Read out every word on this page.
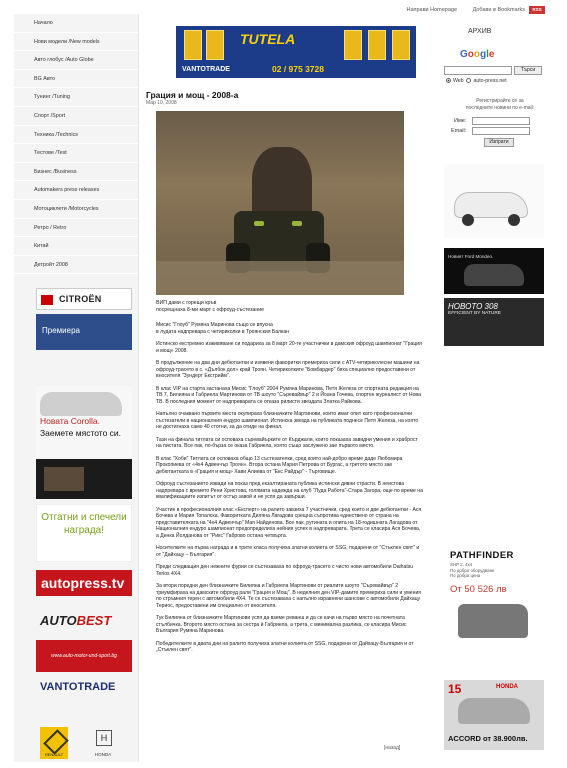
Направи Homepage	Добави в Bookmarks	RSS
Начало
Нови модели /New models
Авто глобус /Auto Globe
BG Авто
Тунинг /Tuning
Спорт /Sport
Техника /Technics
Тестове /Test
Бизнес /Business
Automakers press releases
Мотоциклети /Motorcycles
Ретро / Retro
Китай
Детройт 2008
CITROËN
Премиера
Новата Corolla.
Заемете мястото си.
Отгатни и спечели награда!
autopress.tv
AUTOBEST
www.auto-motor-und-sport.bg
VANTOTRADE
RENAULT
H	HONDA
TUTELA
VANTOTRADE	02 / 975 3728
Грация и мощ - 2008-а
Мар 10, 2008
ВИП дами с горещи кръв
посрещнаха 8-ми март с офроуд-състезание

Мисис "Глоуб" Румяна Маринова също се впусна
в лудата надпревара с четириколки в Троянския Балкан

Истинско екстремно изживяване си подариха за 8 март 20-те участнички в дамския офроуд шампионат "Грация и мощ» 2008.

В продължение на два дни дебютантки и изявени фаворитки премериха сили с ATV-четириколесни машини на офроуд-трасето в с. «Дълбок дол» край Троян. Четириколките "Бомбардер" бяха специално предоставени от вносителя "Зундерт Екстрийм".

В клас VIP на старта застанаха Мисис "Глоуб" 2004 Румяна Маринова, Петя Железа от спортната редакция на ТВ 7, Билияна и Габриела Мартинови от ТВ шоуто "Съревайвър" 2 и Йоана Гочева, спортен журналист от Нова ТВ. В последния момент от надпреварата се отказа рилисти звездата Златка Райкова.

Напълно очаквано първите места окупираха близначките Мартинови, които имат опит като професионални състезатели в националния ендуро шампионат. Истинска звезда на публиката поднесе Петя Железа, на която не достигнаха само 40 стотни, за да отиде на финал.

Тази на финала титлата си осповаха съревайърките от Кърджали, които показаха завидни умения и храброст на пистата. Все пак, по-бърза се оказа Габриела, която също заслужено зае първото място.

В клас "Хоби" Титлата си осповаха общо 13 състезателки, сред които най-добро време даде Любомира Прокопиева от «4х4 Адвенчър Троян». Втора остана Мария Петрова от Бургас, а третото място зае дебютантката в «Грация и мощ» Хави Алиева от "Екс Райдър" - Търговище.

Офроуд състезанието извади на показ пред екзалтираната публика истински дивни страсти. В неистова надпревара с времето Рени Христова, голямата надежда на клуб "Луда Работа"-Стара Загора, още по време на квалификациите изпитът от остър завой и не успя да завърши.

Участие в професионалния клас «Експерт» на ралито завзиха 7 участнички, сред които и две дебютантки - Ася Бочева и Мария Топалска. Фаворитката Диляна Лагадова срещна съпротива единствено от страна на представителката на "4х4 Адвенчър" Мая Найденова. Все пак, рутината и опита на 18-годишната Лагадова от Националния ендуро шампионат предопределиха нейния успех в надпреварата. Трета се класира Ася Бочева, а Денка Йолданова от "Рикс" Габрово остана четвърта.

Носителките на първа награда и в трите класа получиха златни колиета от SSG, подарени от "Стъклен свят" и от "Дайхацу – България".

Преди следващия ден нежните фурии се състезаваха по офроуд-трасето с чисто нови автомобили Daihatsu Terios 4Х4.

За втори поредни ден близначките Билияна и Габриела Мартинови от риалити шоуто "Съревайвър" 2 триумфираха на дамските офроуд рали "Грация и Мощ". В неделния ден VIP-дамите премериха сили и умения по стръмния терен с автомобили 4Х4. Те се състезаваха с напълно изравнени шансове с автомобили Дайхацу Териос, предоставени им специално от вносителя.

Тук Билияна от близначките Мартинови успя да вземе реванш и да се качи на първо място на почетната стълбичка. Второто място остана за сестра ѝ Габриела, а трета, с минимална разлика, се класира Мисис България Румяна Маринова.

Победителките в двата дни на ралито получиха златни колиета от SSG, подарени от Дайхацу-България и от „Стъклен свят".

[назад]
АРХИВ
Google
Търси
Web auto-press.net
Регистрирайте се за
последните новини по e-mail:
Име:
Email:
Изпрати
Новият Ford Mondeo.
НОВОТО 308
EFFICIENT BY NATURE
PATHFINDER
SHP 2, 4x4
По добро оборудване
По добра цена
От 50 526 лв
15	HONDA
ACCORD от 38.900лв.
